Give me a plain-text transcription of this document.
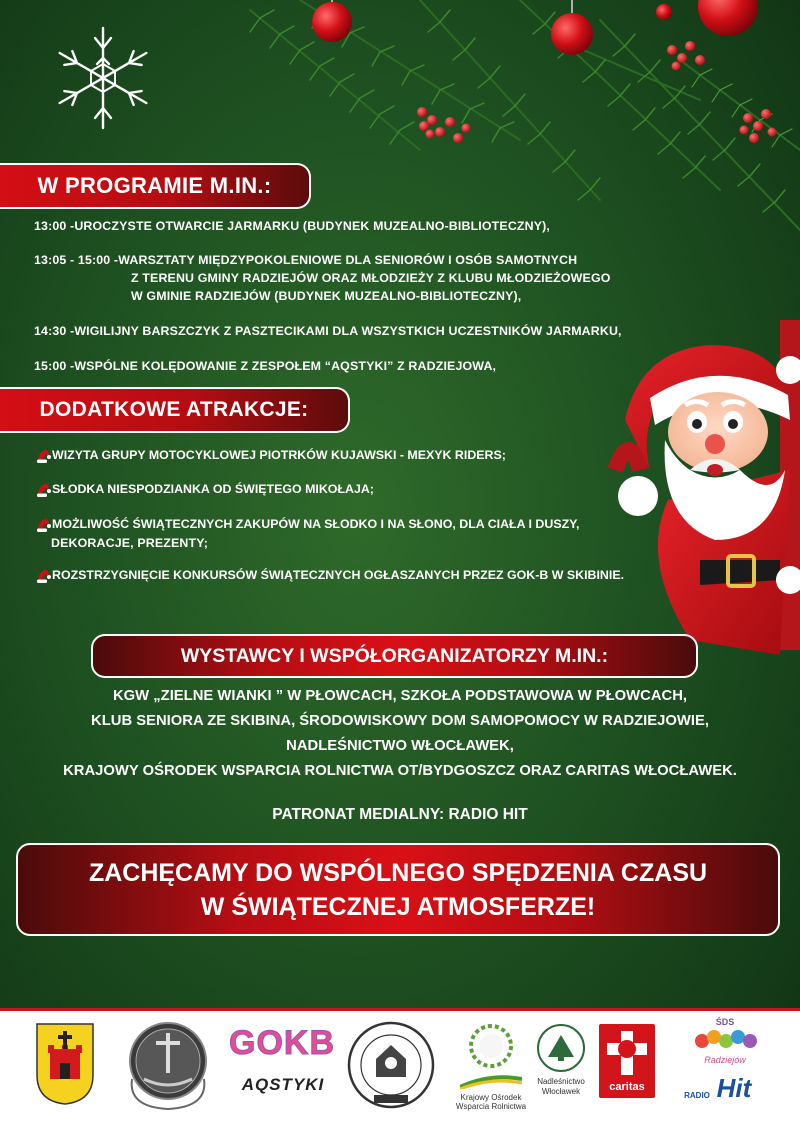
W PROGRAMIE M.IN.:
13:00 -UROCZYSTE OTWARCIE JARMARKU (BUDYNEK MUZEALNO-BIBLIOTECZNY),
13:05 - 15:00 -WARSZTATY MIĘDZYPOKOLENIOWE DLA SENIORÓW I OSÓB SAMOTNYCH
Z TERENU GMINY RADZIEJÓW ORAZ MŁODZIEŻY Z KLUBU MŁODZIEŻOWEGO
W GMINIE RADZIEJÓW (BUDYNEK MUZEALNO-BIBLIOTECZNY),
14:30 -WIGILIJNY BARSZCZYK Z PASZTECIKAMI DLA WSZYSTKICH UCZESTNIKÓW JARMARKU,
15:00 -WSPÓLNE KOLĘDOWANIE Z ZESPOŁEM “AQSTYKI” Z RADZIEJOWA,
DODATKOWE ATRAKCJE:
WIZYTA GRUPY MOTOCYKLOWEJ PIOTRKÓW KUJAWSKI - MEXYK RIDERS;
SŁODKA NIESPODZIANKA OD ŚWIĘTEGO MIKOŁAJA;
MOŻLIWOŚĆ ŚWIĄTECZNYCH ZAKUPÓW NA SŁODKO I NA SŁONO, DLA CIAŁA I DUSZY,
DEKORACJE, PREZENTY;
ROZSTRZYGNIĘCIE KONKURSÓW ŚWIĄTECZNYCH OGŁASZANYCH PRZEZ GOK-B W SKIBINIE.
WYSTAWCY I WSPÓŁORGANIZATORZY M.IN.:
KGW „ZIELNE WIANKI ” W PŁOWCACH, SZKOŁA PODSTAWOWA W PŁOWCACH,
KLUB SENIORA ZE SKIBINA, ŚRODOWISKOWY DOM SAMOPOMOCY W RADZIEJOWIE,
NADLEŚNICTWO WŁOCŁAWEK,
KRAJOWY OŚRODEK WSPARCIA ROLNICTWA OT/BYDGOSZCZ ORAZ CARITAS WŁOCŁAWEK.
PATRONAT MEDIALNY: RADIO HIT
ZACHĘCAMY DO WSPÓLNEGO SPĘDZENIA CZASU
W ŚWIĄTECZNEJ ATMOSFERZE!
GOKB
AQSTYKI
Krajowy Ośrodek
Wsparcia Rolnictwa
Nadleśnictwo
Włocławek	caritas
ŚDS
Radziejów
RADIO Hit
